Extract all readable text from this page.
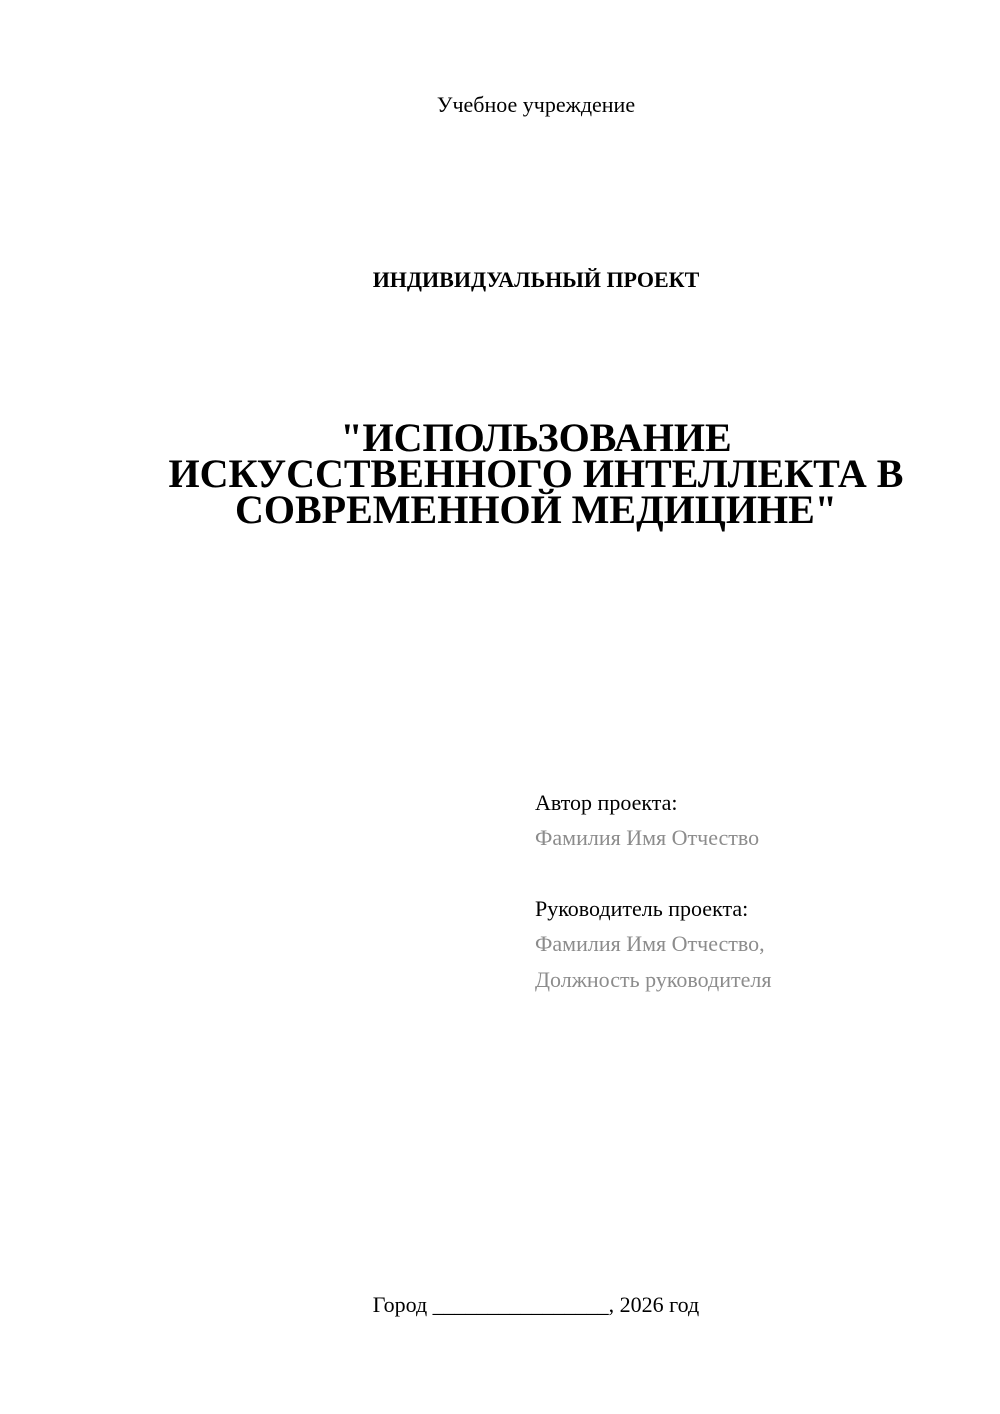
Учебное учреждение
ИНДИВИДУАЛЬНЫЙ ПРОЕКТ
"ИСПОЛЬЗОВАНИЕ
ИСКУССТВЕННОГО ИНТЕЛЛЕКТА В
СОВРЕМЕННОЙ МЕДИЦИНЕ"
Автор проекта:
Фамилия Имя Отчество
Руководитель проекта:
Фамилия Имя Отчество,
Должность руководителя
Город ________________, 2026 год
